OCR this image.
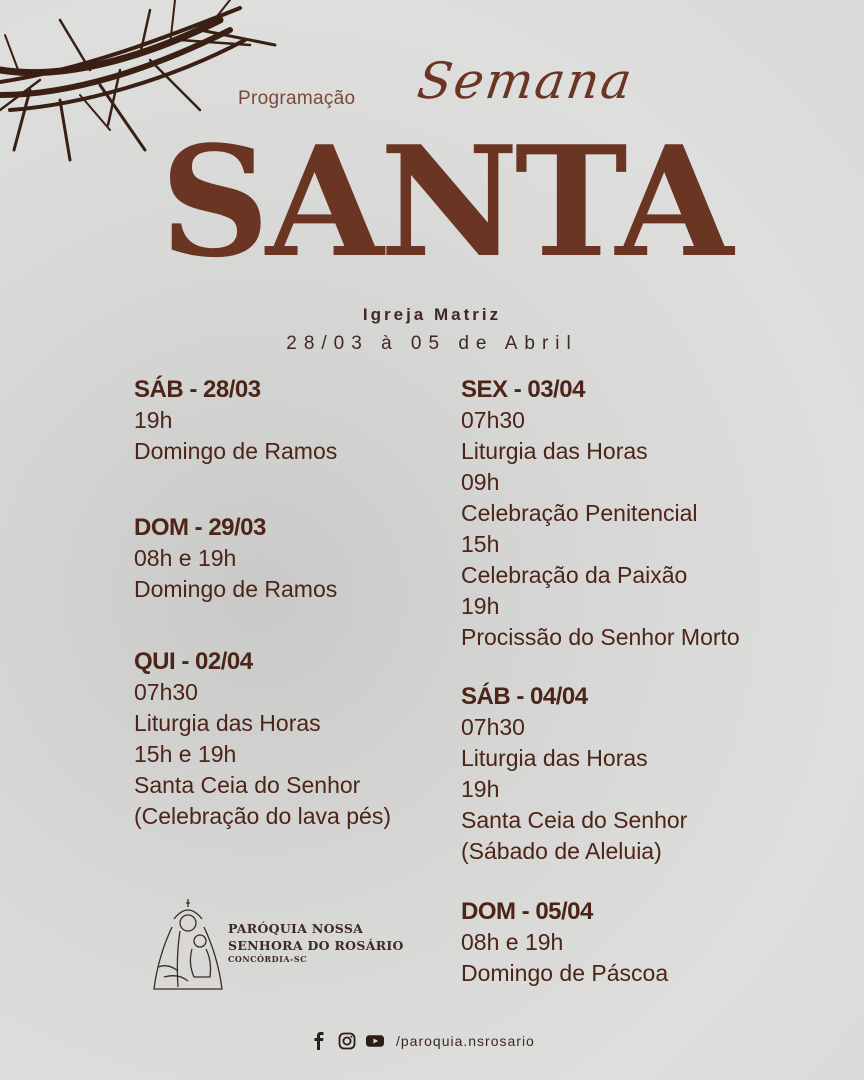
Programação Semana
SANTA
Igreja Matriz
28/03 à 05 de Abril
SÁB - 28/03
19h
Domingo de Ramos
DOM - 29/03
08h e 19h
Domingo de Ramos
QUI - 02/04
07h30
Liturgia das Horas
15h e 19h
Santa Ceia do Senhor
(Celebração do lava pés)
SEX - 03/04
07h30
Liturgia das Horas
09h
Celebração Penitencial
15h
Celebração da Paixão
19h
Procissão do Senhor Morto
SÁB - 04/04
07h30
Liturgia das Horas
19h
Santa Ceia do Senhor
(Sábado de Aleluia)
DOM - 05/04
08h e 19h
Domingo de Páscoa
PARÓQUIA NOSSA
SENHORA DO ROSÁRIO
CONCÓRDIA-SC
/paroquia.nsrosario
